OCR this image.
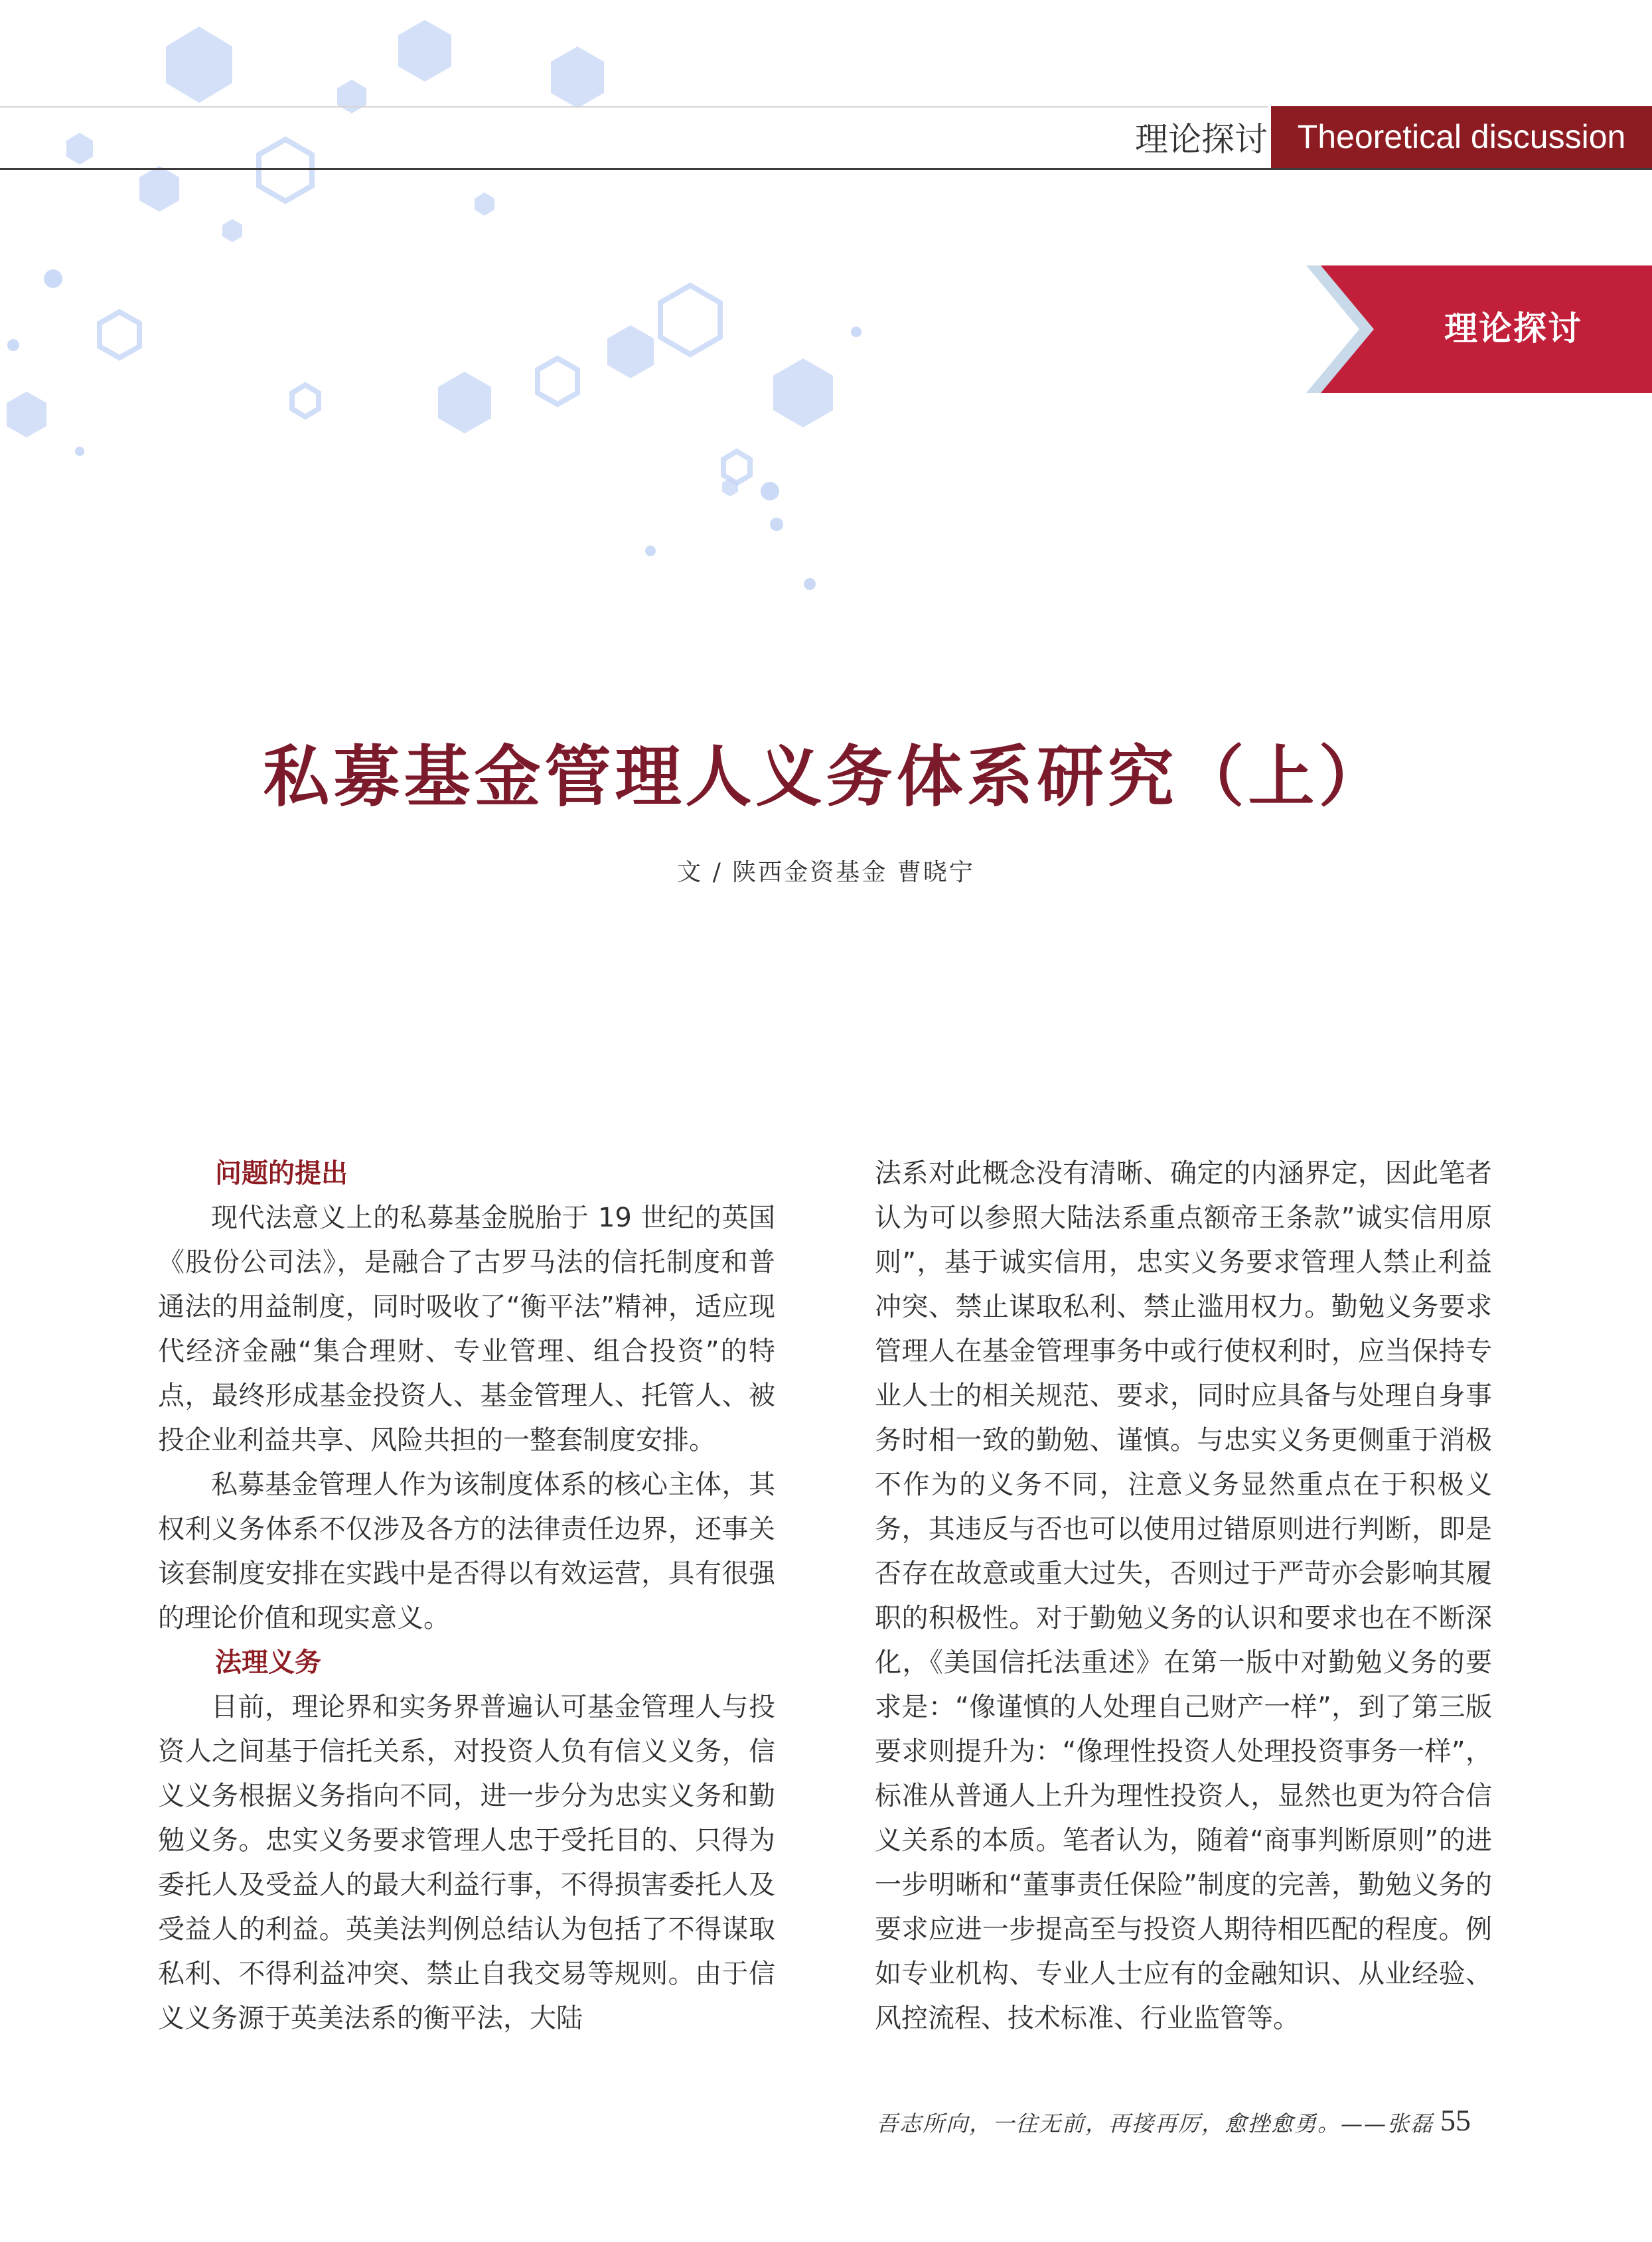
理论探讨 Theoretical discussion
理论探讨
私募基金管理人义务体系研究（上）
文 / 陕西金资基金 曹晓宁
问题的提出

现代法意义上的私募基金脱胎于 19 世纪的英国《股份公司法》，是融合了古罗马法的信托制度和普通法的用益制度，同时吸收了“衡平法”精神，适应现代经济金融“集合理财、专业管理、组合投资”的特点，最终形成基金投资人、基金管理人、托管人、被投企业利益共享、风险共担的一整套制度安排。

私募基金管理人作为该制度体系的核心主体，其权利义务体系不仅涉及各方的法律责任边界，还事关该套制度安排在实践中是否得以有效运营，具有很强的理论价值和现实意义。

法理义务

目前，理论界和实务界普遍认可基金管理人与投资人之间基于信托关系，对投资人负有信义义务，信义义务根据义务指向不同，进一步分为忠实义务和勤勉义务。忠实义务要求管理人忠于受托目的、只得为委托人及受益人的最大利益行事，不得损害委托人及受益人的利益。英美法判例总结认为包括了不得谋取私利、不得利益冲突、禁止自我交易等规则。由于信义义务源于英美法系的衡平法，大陆

法系对此概念没有清晰、确定的内涵界定，因此笔者认为可以参照大陆法系重点额帝王条款”诚实信用原则”，基于诚实信用，忠实义务要求管理人禁止利益冲突、禁止谋取私利、禁止滥用权力。勤勉义务要求管理人在基金管理事务中或行使权利时，应当保持专业人士的相关规范、要求，同时应具备与处理自身事务时相一致的勤勉、谨慎。与忠实义务更侧重于消极不作为的义务不同，注意义务显然重点在于积极义务，其违反与否也可以使用过错原则进行判断，即是否存在故意或重大过失，否则过于严苛亦会影响其履职的积极性。对于勤勉义务的认识和要求也在不断深化，《美国信托法重述》在第一版中对勤勉义务的要求是：“像谨慎的人处理自己财产一样”，到了第三版要求则提升为：“像理性投资人处理投资事务一样”，标准从普通人上升为理性投资人，显然也更为符合信义关系的本质。笔者认为，随着“商事判断原则”的进一步明晰和“董事责任保险”制度的完善，勤勉义务的要求应进一步提高至与投资人期待相匹配的程度。例如专业机构、专业人士应有的金融知识、从业经验、风控流程、技术标准、行业监管等。

吾志所向，一往无前，再接再厉，愈挫愈勇。——张磊 55
